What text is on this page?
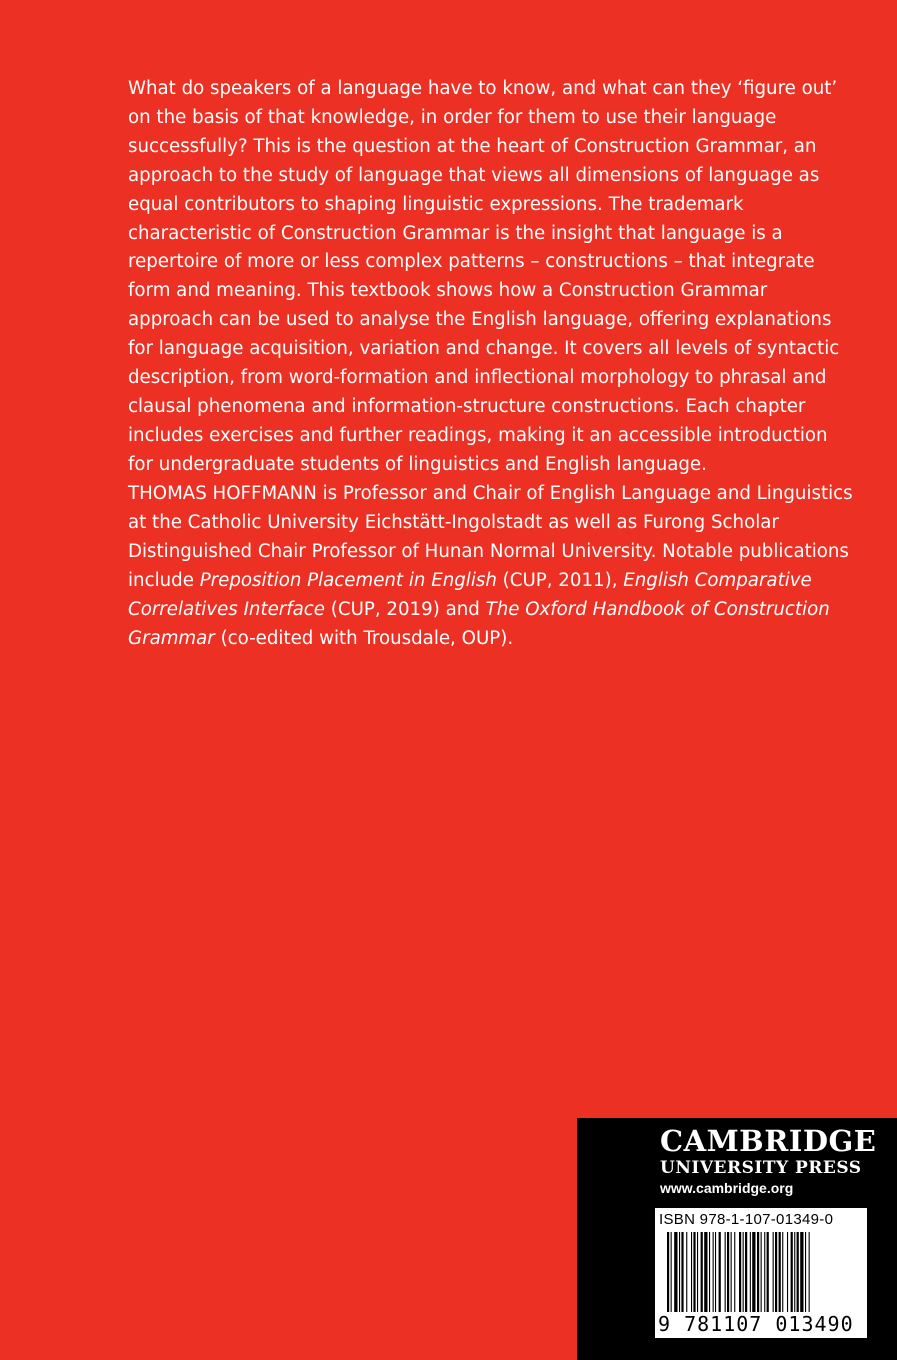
What do speakers of a language have to know, and what can they ‘figure out’ on the basis of that knowledge, in order for them to use their language successfully? This is the question at the heart of Construction Grammar, an approach to the study of language that views all dimensions of language as equal contributors to shaping linguistic expressions. The trademark characteristic of Construction Grammar is the insight that language is a repertoire of more or less complex patterns – constructions – that integrate form and meaning. This textbook shows how a Construction Grammar approach can be used to analyse the English language, offering explanations for language acquisition, variation and change. It covers all levels of syntactic description, from word-formation and inflectional morphology to phrasal and clausal phenomena and information-structure constructions. Each chapter includes exercises and further readings, making it an accessible introduction for undergraduate students of linguistics and English language.

THOMAS HOFFMANN is Professor and Chair of English Language and Linguistics at the Catholic University Eichstätt-Ingolstadt as well as Furong Scholar Distinguished Chair Professor of Hunan Normal University. Notable publications include Preposition Placement in English (CUP, 2011), English Comparative Correlatives Interface (CUP, 2019) and The Oxford Handbook of Construction Grammar (co-edited with Trousdale, OUP).

CAMBRIDGE
UNIVERSITY PRESS
www.cambridge.org
ISBN 978-1-107-01349-0
9 781107 013490 >
